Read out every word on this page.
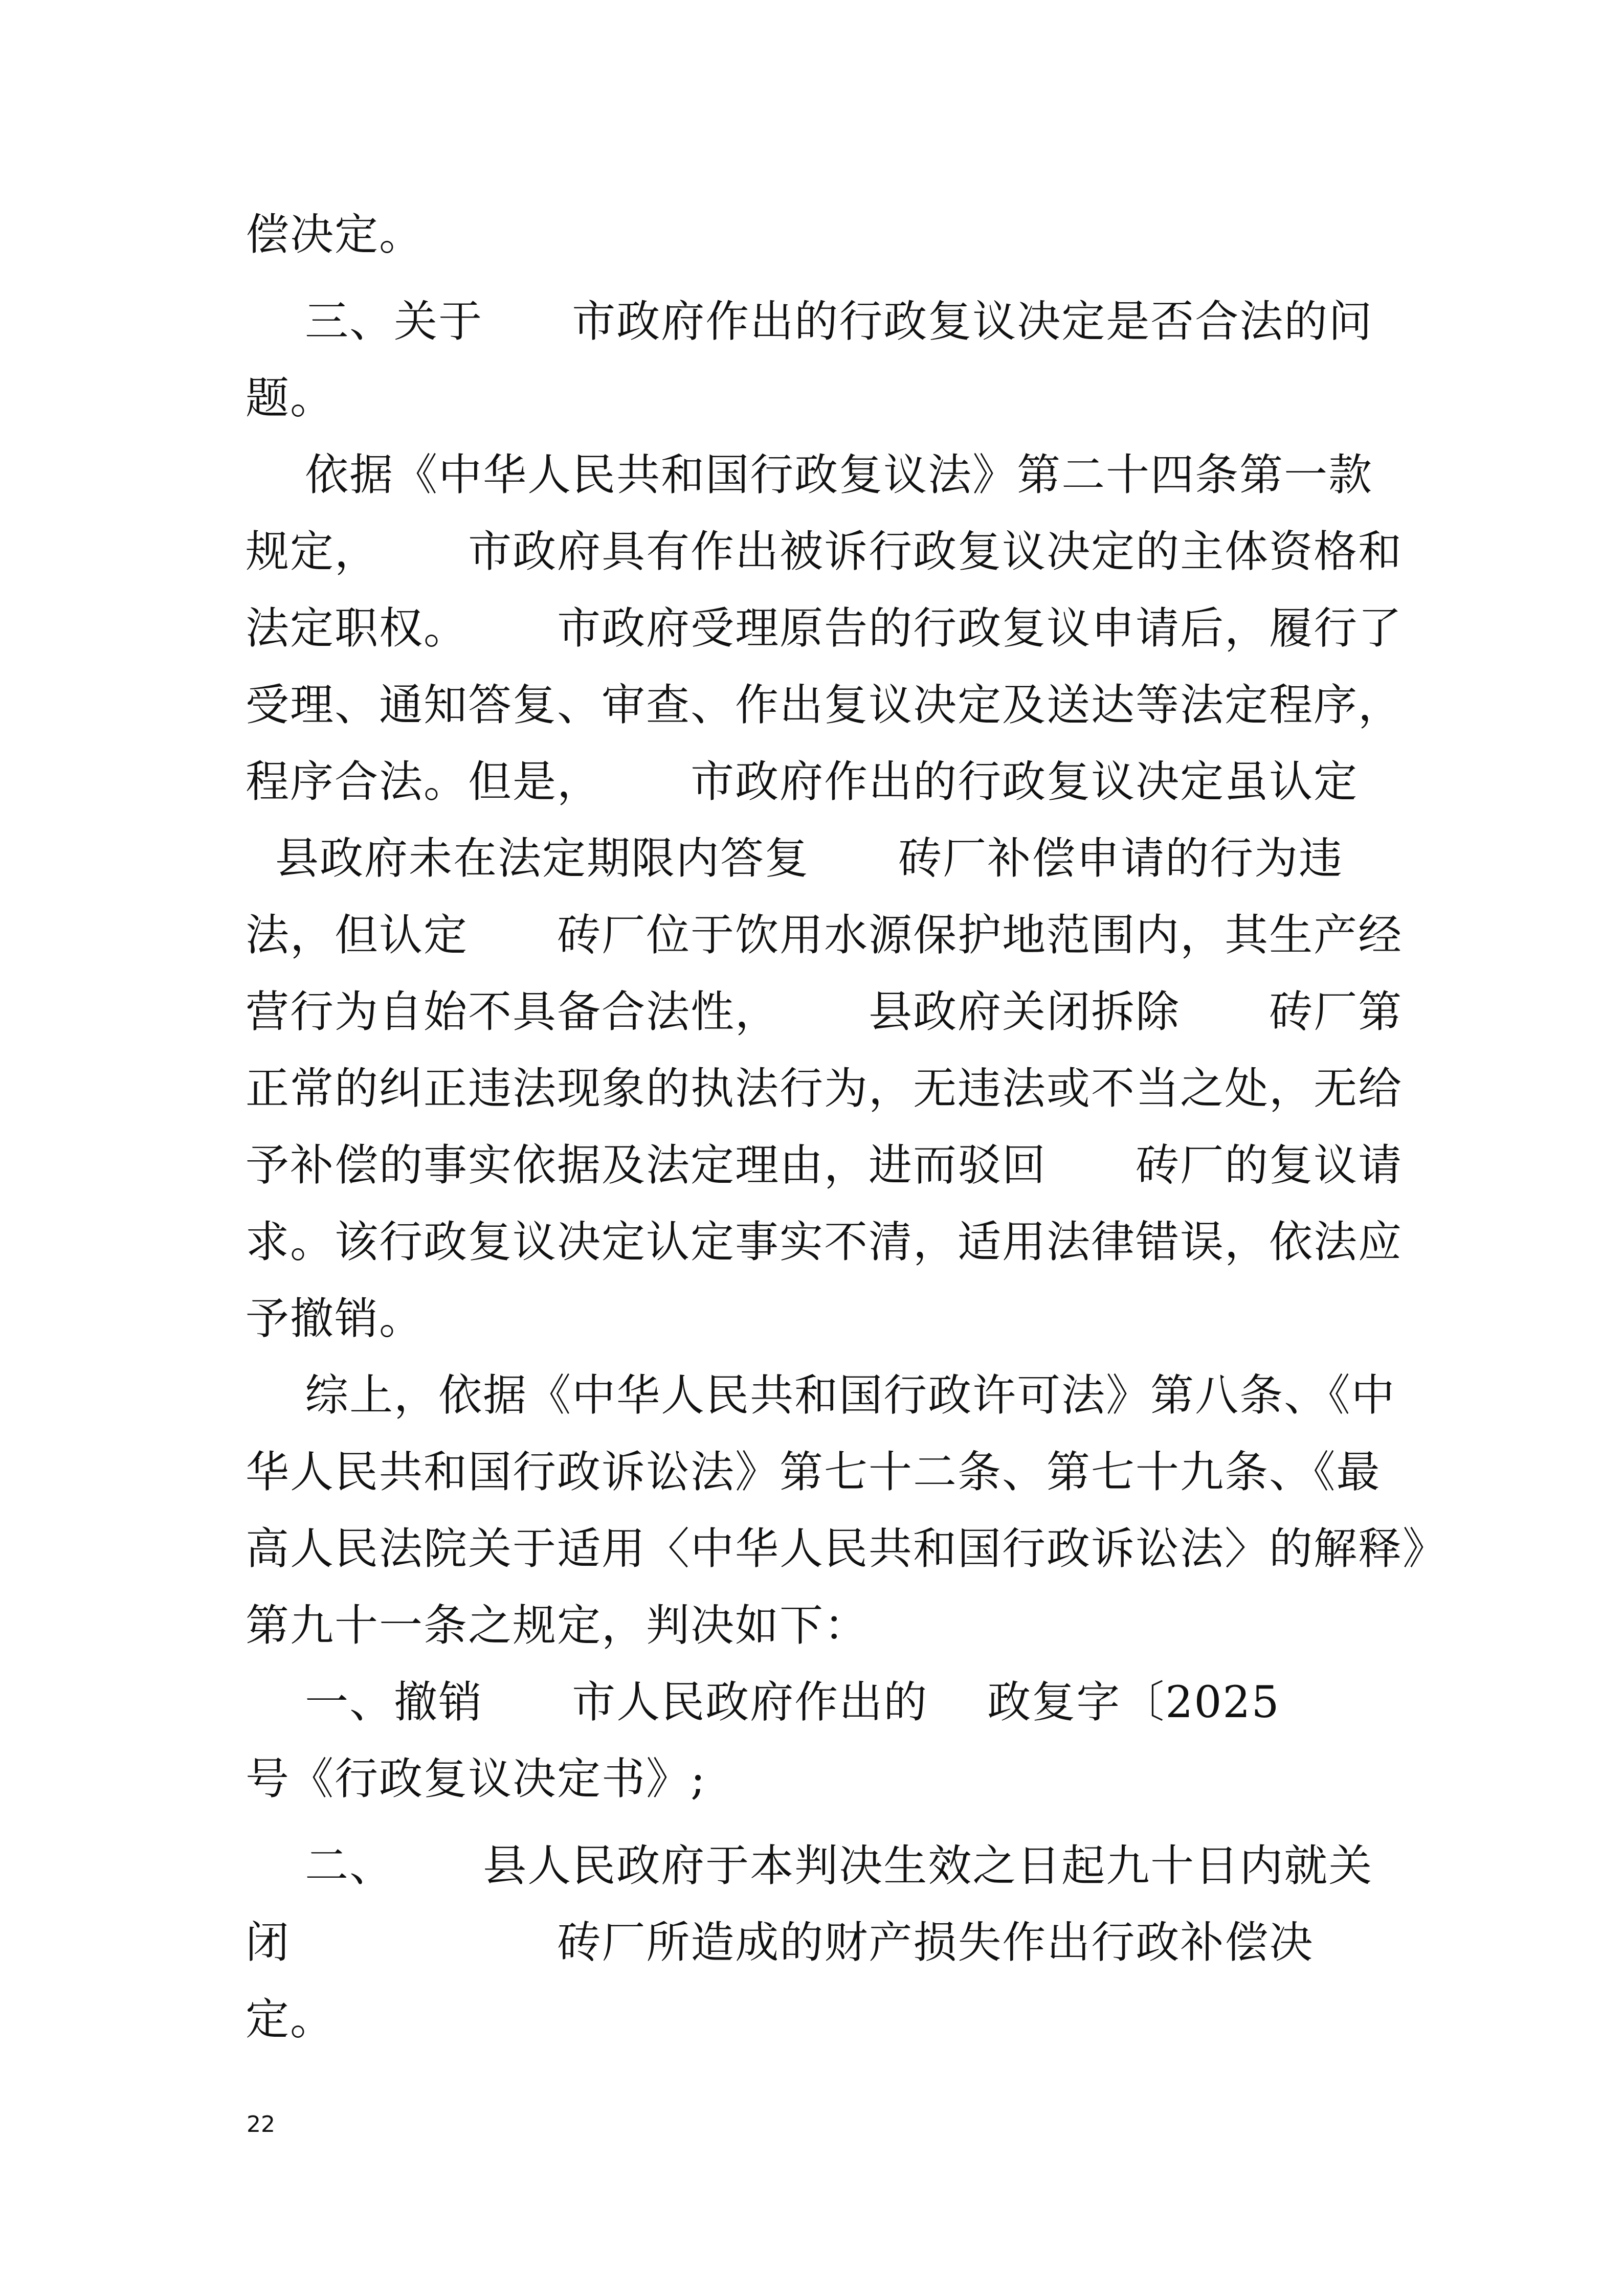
偿决定。
三、关于      市政府作出的行政复议决定是否合法的问
题。
依据《中华人民共和国行政复议法》第二十四条第一款
规定，      市政府具有作出被诉行政复议决定的主体资格和
法定职权。      市政府受理原告的行政复议申请后，履行了
受理、通知答复、审查、作出复议决定及送达等法定程序，
程序合法。但是，      市政府作出的行政复议决定虽认定
县政府未在法定期限内答复      砖厂补偿申请的行为违
法，但认定      砖厂位于饮用水源保护地范围内，其生产经
营行为自始不具备合法性，      县政府关闭拆除      砖厂第
正常的纠正违法现象的执法行为，无违法或不当之处，无给
予补偿的事实依据及法定理由，进而驳回      砖厂的复议请
求。该行政复议决定认定事实不清，适用法律错误，依法应
予撤销。
综上，依据《中华人民共和国行政许可法》第八条、《中
华人民共和国行政诉讼法》第七十二条、第七十九条、《最
高人民法院关于适用〈中华人民共和国行政诉讼法〉的解释》
第九十一条之规定，判决如下：
一、撤销      市人民政府作出的    政复字〔2025
号《行政复议决定书》;
二、      县人民政府于本判决生效之日起九十日内就关
闭                  砖厂所造成的财产损失作出行政补偿决
定。
22
